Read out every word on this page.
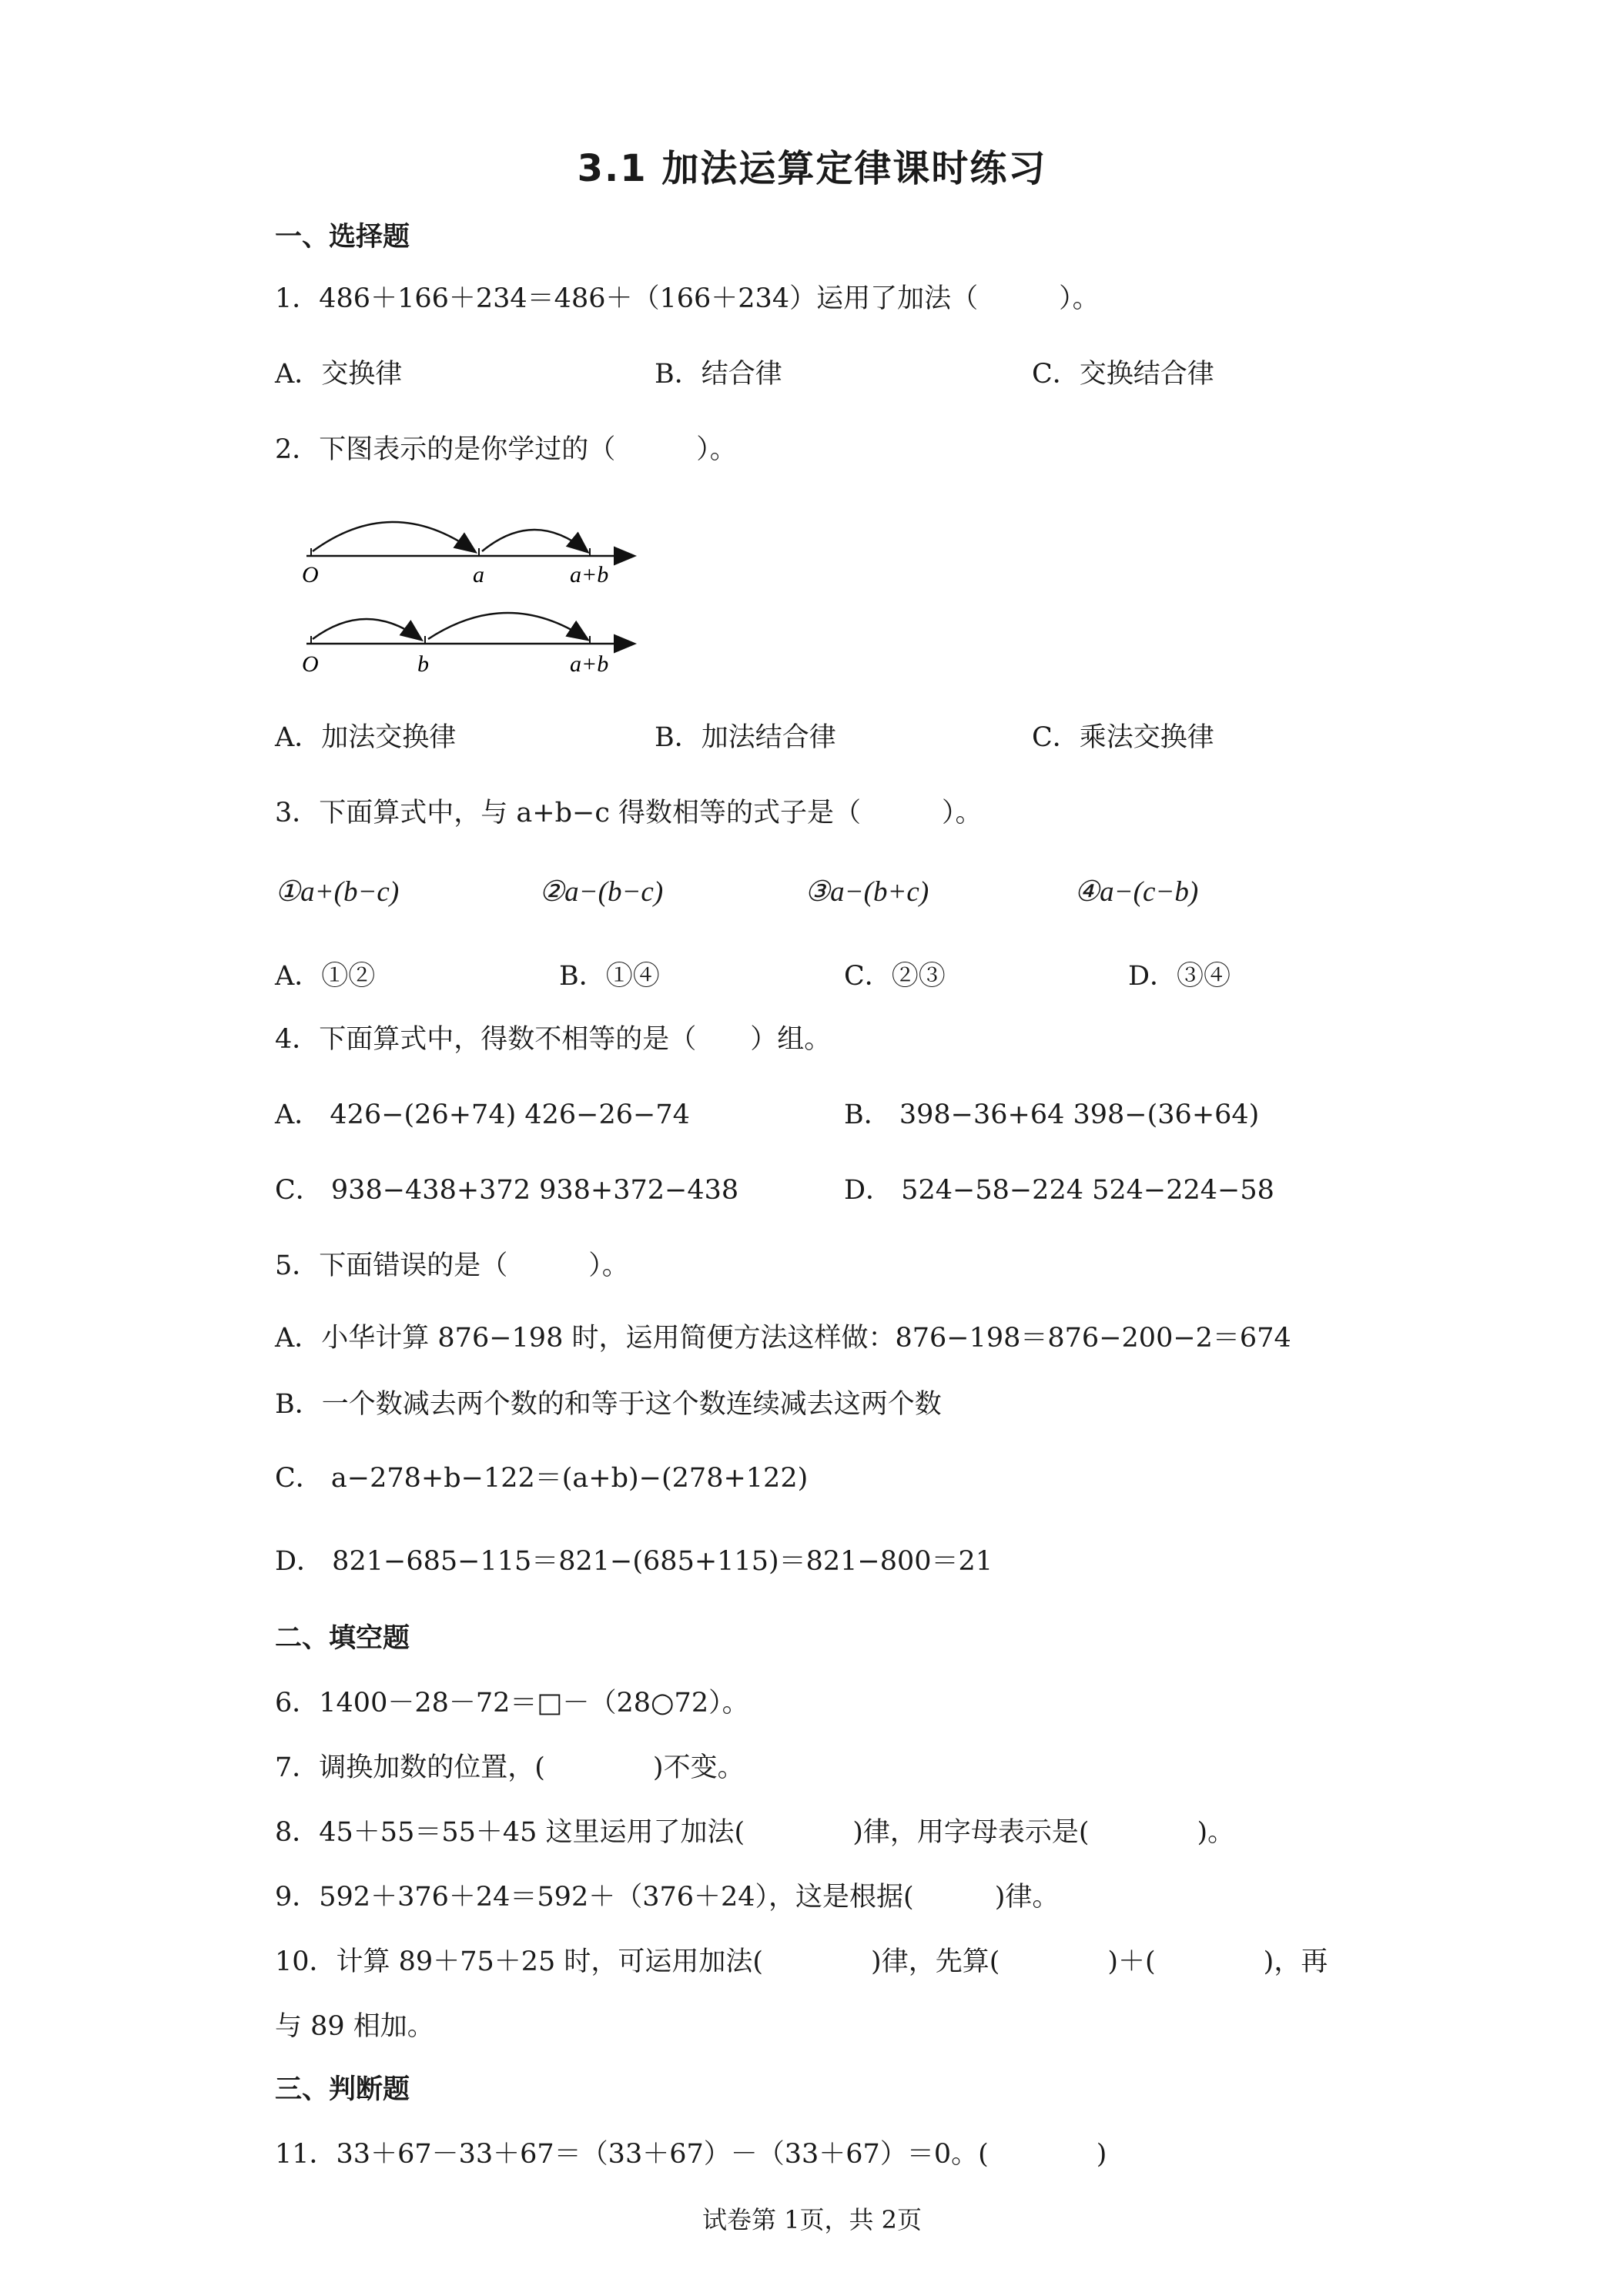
3.1 加法运算定律课时练习
一、选择题
1．486＋166＋234＝486＋（166＋234）运用了加法（　　　）。
A．交换律	B．结合律	C．交换结合律
2．下图表示的是你学过的（　　　）。
O	a	a+b
O	b	a+b
A．加法交换律	B．加法结合律	C．乘法交换律
3．下面算式中，与 a+b−c 得数相等的式子是（　　　）。
①a+(b−c)	②a−(b−c)	③a−(b+c)	④a−(c−b)
A．①②	B．①④	C．②③	D．③④
4．下面算式中，得数不相等的是（　　）组。
A． 426−(26+74) 426−26−74	B． 398−36+64 398−(36+64)
C． 938−438+372 938+372−438	D． 524−58−224 524−224−58
5．下面错误的是（　　　）。
A．小华计算 876−198 时，运用简便方法这样做：876−198＝876−200−2＝674
B．一个数减去两个数的和等于这个数连续减去这两个数
C． a−278+b−122＝(a+b)−(278+122)
D． 821−685−115＝821−(685+115)＝821−800＝21
二、填空题
6．1400－28－72＝□－（28○72）。
7．调换加数的位置，(　　　　)不变。
8．45＋55＝55＋45 这里运用了加法(　　　　)律，用字母表示是(　　　　)。
9．592＋376＋24＝592＋（376＋24），这是根据(　　　)律。
10．计算 89＋75＋25 时，可运用加法(　　　　)律，先算(　　　　)＋(　　　　)，再
与 89 相加。
三、判断题
11．33＋67－33＋67＝（33＋67）－（33＋67）＝0。(　　　　)
试卷第 1页，共 2页
